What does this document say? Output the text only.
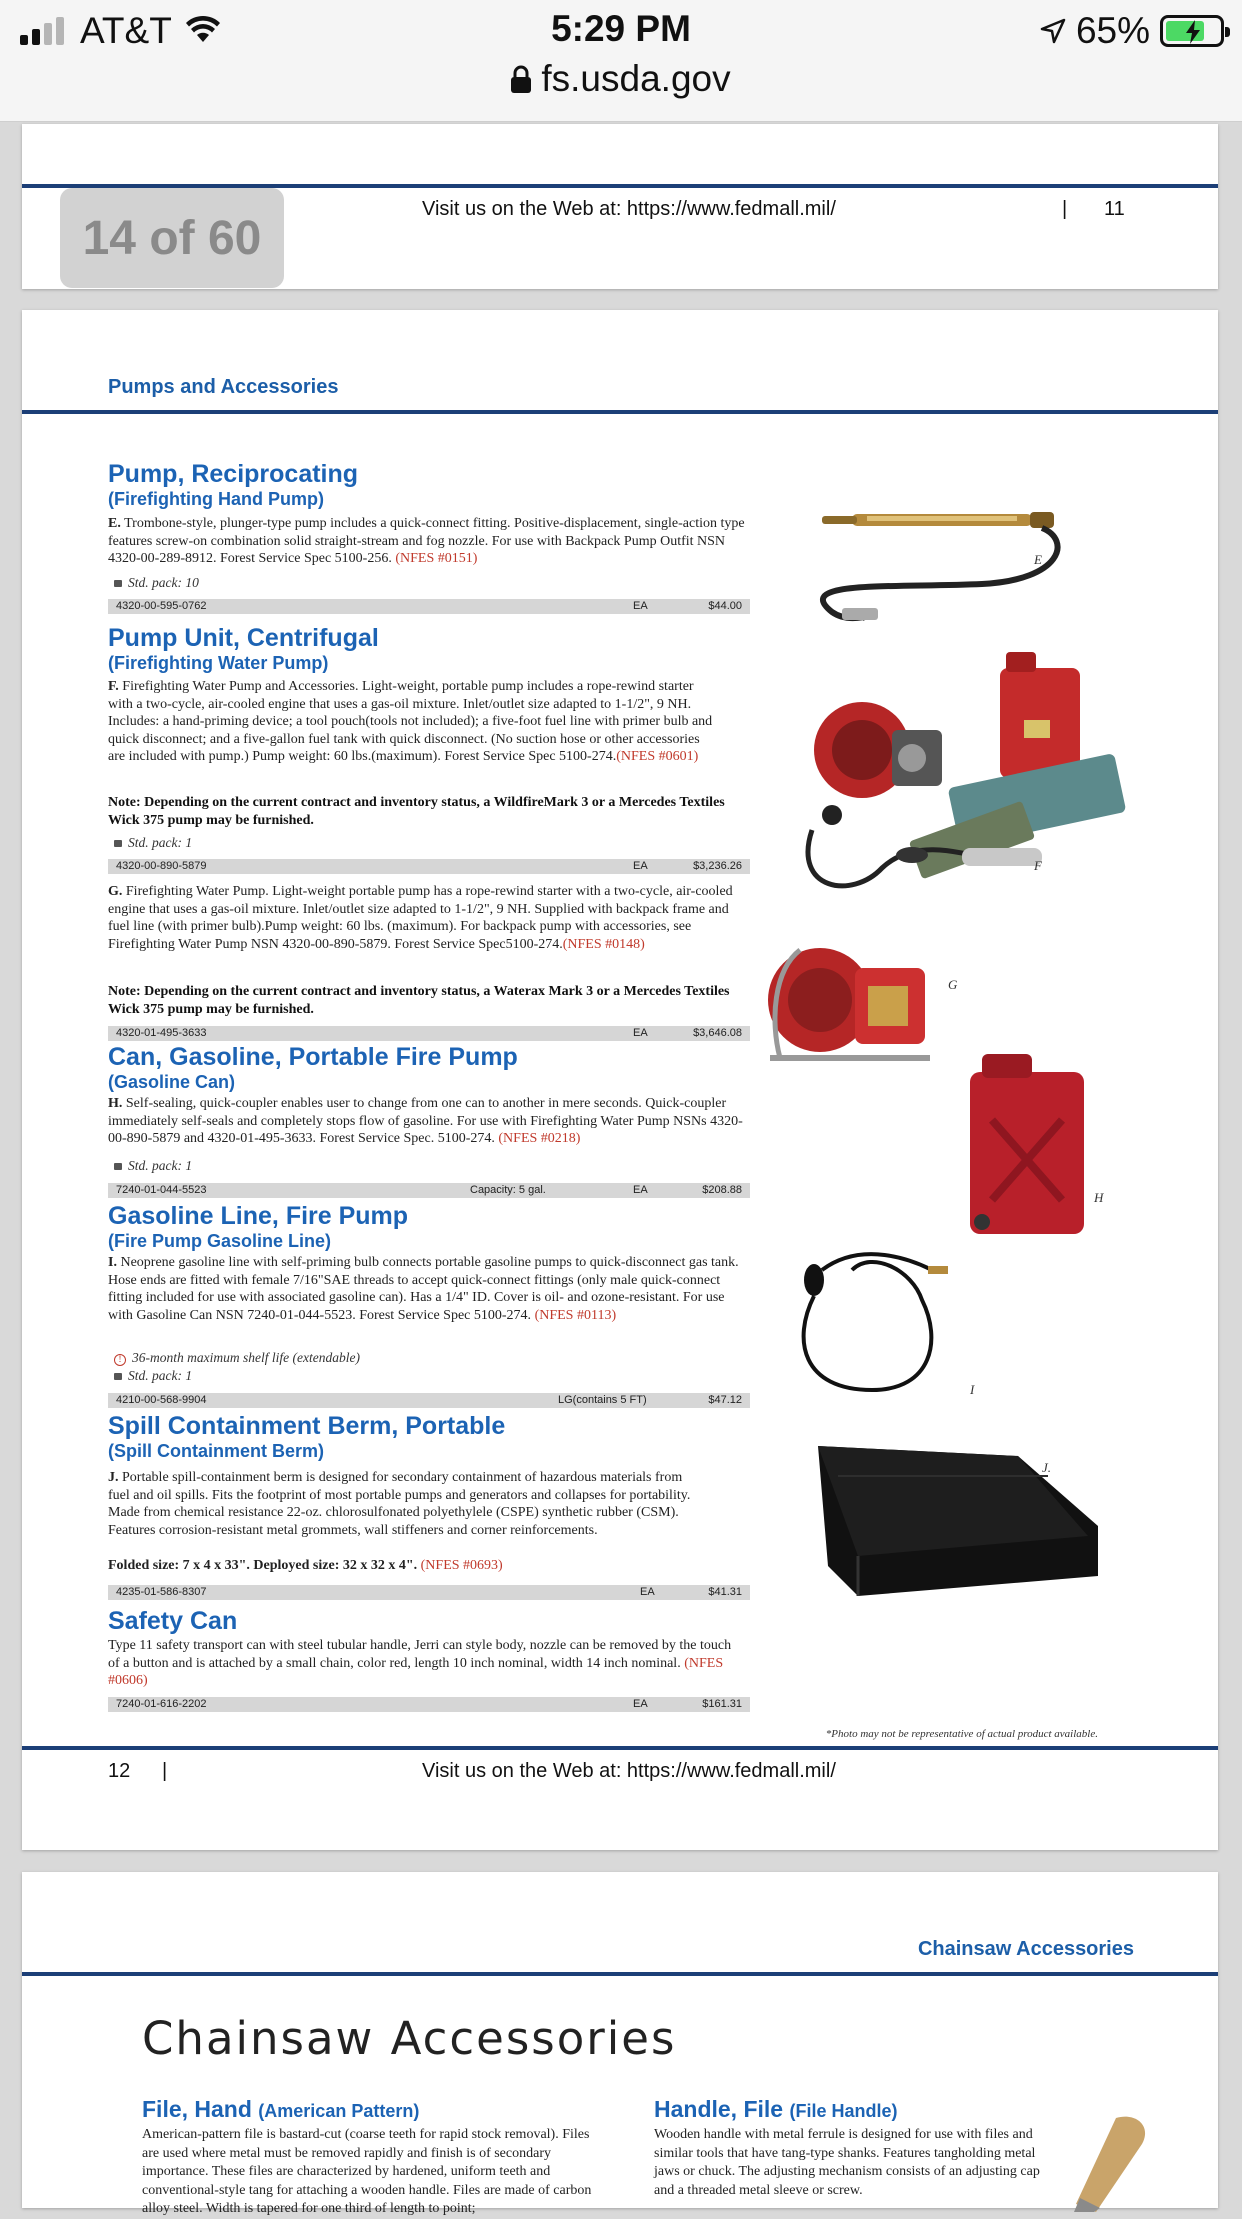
AT&T	5:29 PM
fs.usda.gov
65%
Visit us on the Web at: https://www.fedmall.mil/	| 11
14 of 60
Pumps and Accessories
Pump, Reciprocating
(Firefighting Hand Pump)
E. Trombone-style, plunger-type pump includes a quick-connect fitting. Positive-displacement, single-action type features screw-on combination solid straight-stream and fog nozzle. For use with Backpack Pump Outfit NSN 4320-00-289-8912. Forest Service Spec 5100-256. (NFES #0151)
Std. pack: 10
4320-00-595-0762	EA	$44.00
Pump Unit, Centrifugal
(Firefighting Water Pump)
F. Firefighting Water Pump and Accessories. Light-weight, portable pump includes a rope-rewind starter with a two-cycle, air-cooled engine that uses a gas-oil mixture. Inlet/outlet size adapted to 1-1/2", 9 NH. Includes: a hand-priming device; a tool pouch(tools not included); a five-foot fuel line with primer bulb and quick disconnect; and a five-gallon fuel tank with quick disconnect. (No suction hose or other accessories are included with pump.) Pump weight: 60 lbs.(maximum). Forest Service Spec 5100-274.(NFES #0601)
Note: Depending on the current contract and inventory status, a WildfireMark 3 or a Mercedes Textiles Wick 375 pump may be furnished.
Std. pack: 1
4320-00-890-5879	EA	$3,236.26
G. Firefighting Water Pump. Light-weight portable pump has a rope-rewind starter with a two-cycle, air-cooled engine that uses a gas-oil mixture. Inlet/outlet size adapted to 1-1/2", 9 NH. Supplied with backpack frame and fuel line (with primer bulb).Pump weight: 60 lbs. (maximum). For backpack pump with accessories, see Firefighting Water Pump NSN 4320-00-890-5879. Forest Service Spec5100-274.(NFES #0148)
Note: Depending on the current contract and inventory status, a Waterax Mark 3 or a Mercedes Textiles Wick 375 pump may be furnished.
4320-01-495-3633	EA	$3,646.08
Can, Gasoline, Portable Fire Pump
(Gasoline Can)
H. Self-sealing, quick-coupler enables user to change from one can to another in mere seconds. Quick-coupler immediately self-seals and completely stops flow of gasoline. For use with Firefighting Water Pump NSNs 4320-00-890-5879 and 4320-01-495-3633. Forest Service Spec. 5100-274. (NFES #0218)
Std. pack: 1
7240-01-044-5523	Capacity: 5 gal.	EA	$208.88
Gasoline Line, Fire Pump
(Fire Pump Gasoline Line)
I. Neoprene gasoline line with self-priming bulb connects portable gasoline pumps to quick-disconnect gas tank. Hose ends are fitted with female 7/16"SAE threads to accept quick-connect fittings (only male quick-connect fitting included for use with associated gasoline can). Has a 1/4" ID. Cover is oil- and ozone-resistant. For use with Gasoline Can NSN 7240-01-044-5523. Forest Service Spec 5100-274. (NFES #0113)
! 36-month maximum shelf life (extendable)
Std. pack: 1
4210-00-568-9904	LG(contains 5 FT)	$47.12
Spill Containment Berm, Portable
(Spill Containment Berm)
J. Portable spill-containment berm is designed for secondary containment of hazardous materials from fuel and oil spills. Fits the footprint of most portable pumps and generators and collapses for portability. Made from chemical resistance 22-oz. chlorosulfonated polyethylele (CSPE) synthetic rubber (CSM). Features corrosion-resistant metal grommets, wall stiffeners and corner reinforcements.
Folded size: 7 x 4 x 33". Deployed size: 32 x 32 x 4". (NFES #0693)
4235-01-586-8307	EA	$41.31
Safety Can
Type 11 safety transport can with steel tubular handle, Jerri can style body, nozzle can be removed by the touch of a button and is attached by a small chain, color red, length 10 inch nominal, width 14 inch nominal. (NFES #0606)
7240-01-616-2202	EA	$161.31
E
F
G
H
I
J.
*Photo may not be representative of actual product available.
12 |	Visit us on the Web at: https://www.fedmall.mil/
Chainsaw Accessories
Chainsaw Accessories
File, Hand (American Pattern)
American-pattern file is bastard-cut (coarse teeth for rapid stock removal). Files are used where metal must be removed rapidly and finish is of secondary importance. These files are characterized by hardened, uniform teeth and conventional-style tang for attaching a wooden handle. Files are made of carbon alloy steel. Width is tapered for one third of length to point;
Handle, File (File Handle)
Wooden handle with metal ferrule is designed for use with files and similar tools that have tang-type shanks. Features tangholding metal jaws or chuck. The adjusting mechanism consists of an adjusting cap and a threaded metal sleeve or screw.
